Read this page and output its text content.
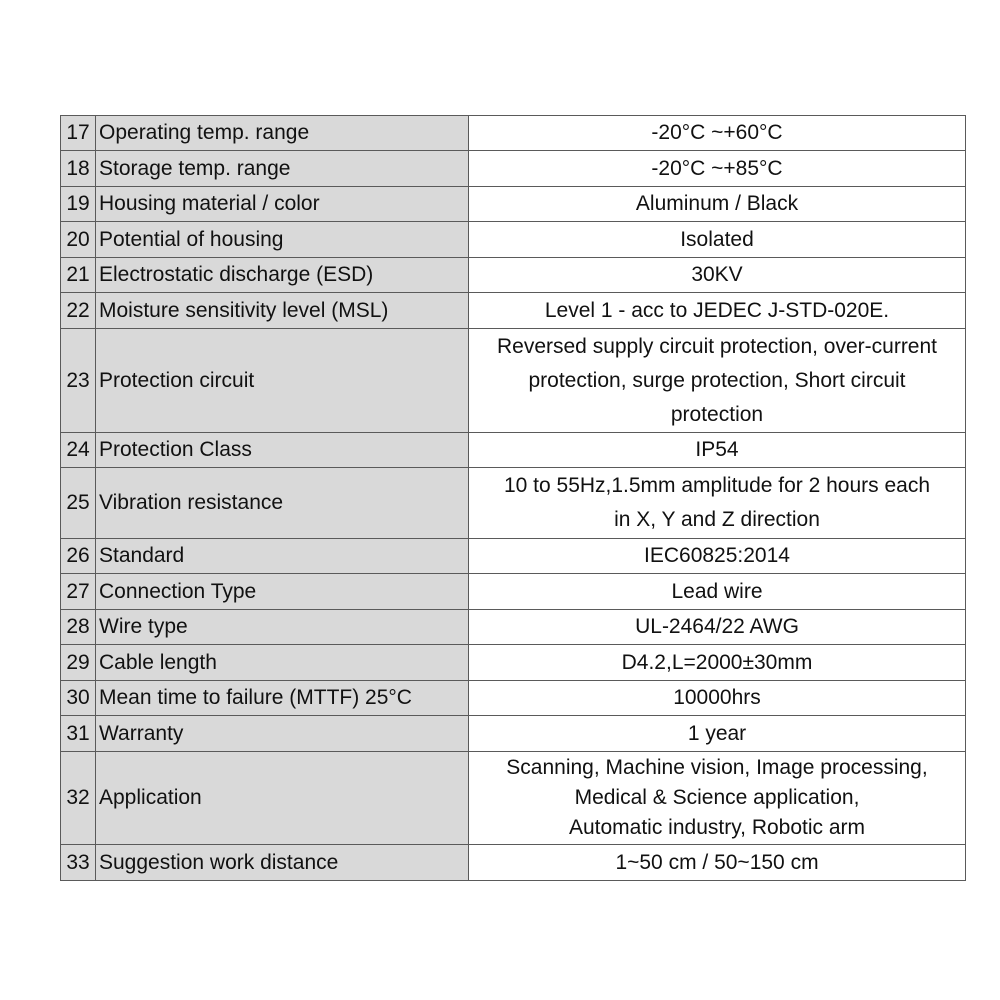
17	Operating temp. range	-20°C ~+60°C

18	Storage temp. range	-20°C ~+85°C

19	Housing material / color	Aluminum / Black

20	Potential of housing	Isolated

21	Electrostatic discharge (ESD)	30KV

22	Moisture sensitivity level (MSL)	Level 1 - acc to JEDEC J-STD-020E.

23	Protection circuit	Reversed supply circuit protection, over-current
protection, surge protection, Short circuit
protection

24	Protection Class	IP54

25	Vibration resistance	10 to 55Hz,1.5mm amplitude for 2 hours each
in X, Y and Z direction

26	Standard	IEC60825:2014

27	Connection Type	Lead wire

28	Wire type	UL-2464/22 AWG

29	Cable length	D4.2,L=2000±30mm

30	Mean time to failure (MTTF) 25°C	10000hrs

31	Warranty	1 year

32	Application	Scanning, Machine vision, Image processing,
Medical & Science application,
Automatic industry, Robotic arm

33	Suggestion work distance	1~50 cm / 50~150 cm
